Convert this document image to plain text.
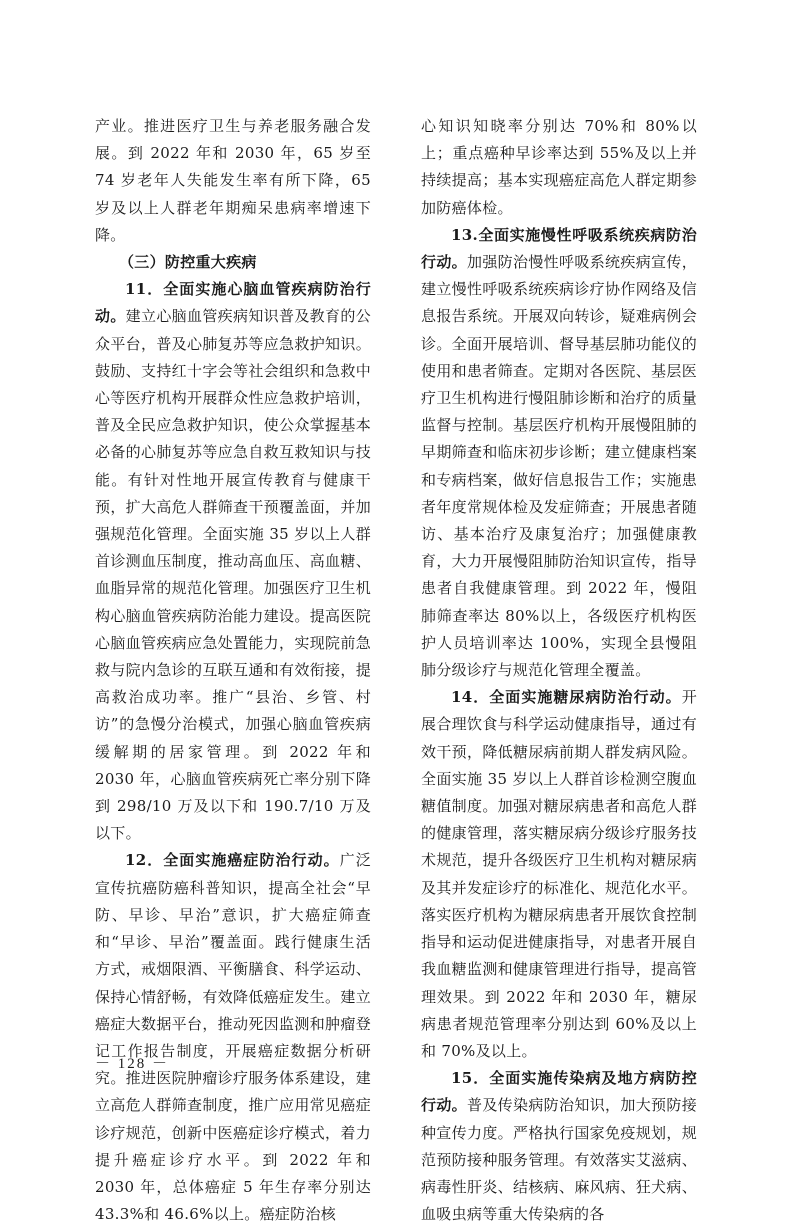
产业。推进医疗卫生与养老服务融合发展。到 2022 年和 2030 年，65 岁至 74 岁老年人失能发生率有所下降，65 岁及以上人群老年期痴呆患病率增速下降。

（三）防控重大疾病

11．全面实施心脑血管疾病防治行动。建立心脑血管疾病知识普及教育的公众平台，普及心肺复苏等应急救护知识。鼓励、支持红十字会等社会组织和急救中心等医疗机构开展群众性应急救护培训，普及全民应急救护知识，使公众掌握基本必备的心肺复苏等应急自救互救知识与技能。有针对性地开展宣传教育与健康干预，扩大高危人群筛查干预覆盖面，并加强规范化管理。全面实施 35 岁以上人群首诊测血压制度，推动高血压、高血糖、血脂异常的规范化管理。加强医疗卫生机构心脑血管疾病防治能力建设。提高医院心脑血管疾病应急处置能力，实现院前急救与院内急诊的互联互通和有效衔接，提高救治成功率。推广“县治、乡管、村访”的急慢分治模式，加强心脑血管疾病缓解期的居家管理。到 2022 年和 2030 年，心脑血管疾病死亡率分别下降到 298/10 万及以下和 190.7/10 万及以下。

12．全面实施癌症防治行动。广泛宣传抗癌防癌科普知识，提高全社会“早防、早诊、早治”意识，扩大癌症筛查和“早诊、早治”覆盖面。践行健康生活方式，戒烟限酒、平衡膳食、科学运动、保持心情舒畅，有效降低癌症发生。建立癌症大数据平台，推动死因监测和肿瘤登记工作报告制度，开展癌症数据分析研究。推进医院肿瘤诊疗服务体系建设，建立高危人群筛查制度，推广应用常见癌症诊疗规范，创新中医癌症诊疗模式，着力提升癌症诊疗水平。到 2022 年和 2030 年，总体癌症 5 年生存率分别达 43.3%和 46.6%以上。癌症防治核

心知识知晓率分别达 70%和 80%以上；重点癌种早诊率达到 55%及以上并持续提高；基本实现癌症高危人群定期参加防癌体检。

13.全面实施慢性呼吸系统疾病防治行动。加强防治慢性呼吸系统疾病宣传，建立慢性呼吸系统疾病诊疗协作网络及信息报告系统。开展双向转诊，疑难病例会诊。全面开展培训、督导基层肺功能仪的使用和患者筛查。定期对各医院、基层医疗卫生机构进行慢阻肺诊断和治疗的质量监督与控制。基层医疗机构开展慢阻肺的早期筛查和临床初步诊断；建立健康档案和专病档案，做好信息报告工作；实施患者年度常规体检及发症筛查；开展患者随访、基本治疗及康复治疗；加强健康教育，大力开展慢阻肺防治知识宣传，指导患者自我健康管理。到 2022 年，慢阻肺筛查率达 80%以上，各级医疗机构医护人员培训率达 100%，实现全县慢阻肺分级诊疗与规范化管理全覆盖。

14．全面实施糖尿病防治行动。开展合理饮食与科学运动健康指导，通过有效干预，降低糖尿病前期人群发病风险。全面实施 35 岁以上人群首诊检测空腹血糖值制度。加强对糖尿病患者和高危人群的健康管理，落实糖尿病分级诊疗服务技术规范，提升各级医疗卫生机构对糖尿病及其并发症诊疗的标准化、规范化水平。落实医疗机构为糖尿病患者开展饮食控制指导和运动促进健康指导，对患者开展自我血糖监测和健康管理进行指导，提高管理效果。到 2022 年和 2030 年，糖尿病患者规范管理率分别达到 60%及以上和 70%及以上。

15．全面实施传染病及地方病防控行动。普及传染病防治知识，加大预防接种宣传力度。严格执行国家免疫规划，规范预防接种服务管理。有效落实艾滋病、病毒性肝炎、结核病、麻风病、狂犬病、血吸虫病等重大传染病的各

－ 128 －
